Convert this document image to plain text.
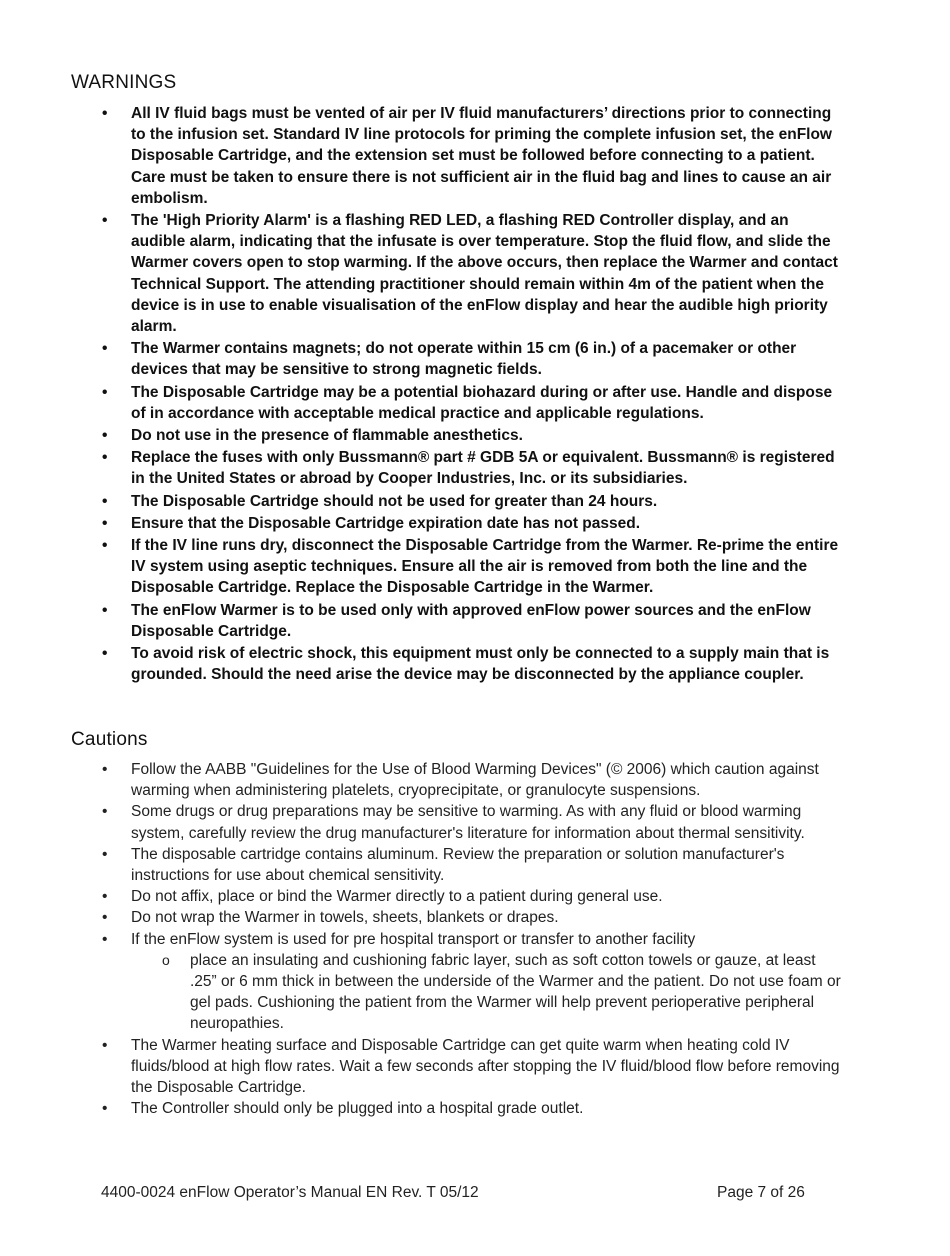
WARNINGS
• All IV fluid bags must be vented of air per IV fluid manufacturers’ directions prior to connecting to the infusion set. Standard IV line protocols for priming the complete infusion set, the enFlow Disposable Cartridge, and the extension set must be followed before connecting to a patient. Care must be taken to ensure there is not sufficient air in the fluid bag and lines to cause an air embolism.
• The 'High Priority Alarm' is a flashing RED LED, a flashing RED Controller display, and an audible alarm, indicating that the infusate is over temperature. Stop the fluid flow, and slide the Warmer covers open to stop warming. If the above occurs, then replace the Warmer and contact Technical Support. The attending practitioner should remain within 4m of the patient when the device is in use to enable visualisation of the enFlow display and hear the audible high priority alarm.
• The Warmer contains magnets; do not operate within 15 cm (6 in.) of a pacemaker or other devices that may be sensitive to strong magnetic fields.
• The Disposable Cartridge may be a potential biohazard during or after use. Handle and dispose of in accordance with acceptable medical practice and applicable regulations.
• Do not use in the presence of flammable anesthetics.
• Replace the fuses with only Bussmann® part # GDB 5A or equivalent. Bussmann® is registered in the United States or abroad by Cooper Industries, Inc. or its subsidiaries.
• The Disposable Cartridge should not be used for greater than 24 hours.
• Ensure that the Disposable Cartridge expiration date has not passed.
• If the IV line runs dry, disconnect the Disposable Cartridge from the Warmer. Re-prime the entire IV system using aseptic techniques. Ensure all the air is removed from both the line and the Disposable Cartridge. Replace the Disposable Cartridge in the Warmer.
• The enFlow Warmer is to be used only with approved enFlow power sources and the enFlow Disposable Cartridge.
• To avoid risk of electric shock, this equipment must only be connected to a supply main that is grounded. Should the need arise the device may be disconnected by the appliance coupler.
Cautions
• Follow the AABB "Guidelines for the Use of Blood Warming Devices" (© 2006) which caution against warming when administering platelets, cryoprecipitate, or granulocyte suspensions.
• Some drugs or drug preparations may be sensitive to warming. As with any fluid or blood warming system, carefully review the drug manufacturer's literature for information about thermal sensitivity.
• The disposable cartridge contains aluminum. Review the preparation or solution manufacturer's instructions for use about chemical sensitivity.
• Do not affix, place or bind the Warmer directly to a patient during general use.
• Do not wrap the Warmer in towels, sheets, blankets or drapes.
• If the enFlow system is used for pre hospital transport or transfer to another facility
o place an insulating and cushioning fabric layer, such as soft cotton towels or gauze, at least .25” or 6 mm thick in between the underside of the Warmer and the patient. Do not use foam or gel pads. Cushioning the patient from the Warmer will help prevent perioperative peripheral neuropathies.
• The Warmer heating surface and Disposable Cartridge can get quite warm when heating cold IV fluids/blood at high flow rates. Wait a few seconds after stopping the IV fluid/blood flow before removing the Disposable Cartridge.
• The Controller should only be plugged into a hospital grade outlet.
4400-0024 enFlow Operator’s Manual EN Rev. T 05/12	Page 7 of 26
